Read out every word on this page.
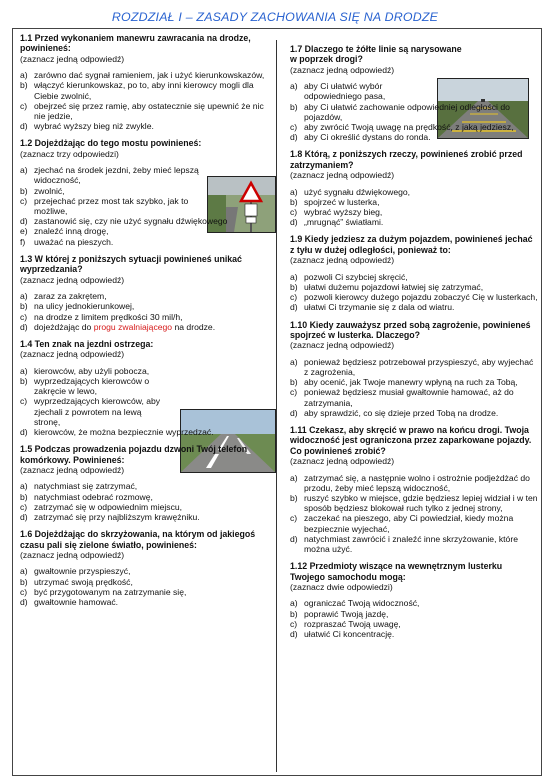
ROZDZIAŁ I – ZASADY ZACHOWANIA SIĘ NA DRODZE
1.1 Przed wykonaniem manewru zawracania na drodze, powinieneś:
(zaznacz jedną odpowiedź)
a) zarówno dać sygnał ramieniem, jak i użyć kierunkowskazów,
b) włączyć kierunkowskaz, po to, aby inni kierowcy mogli dla Ciebie zwolnić,
c) obejrzeć się przez ramię, aby ostatecznie się upewnić że nic nie jedzie,
d) wybrać wyższy bieg niż zwykle.
1.2 Dojeżdżając do tego mostu powinieneś:
(zaznacz trzy odpowiedzi)
a) zjechać na środek jezdni, żeby mieć lepszą widoczność,
b) zwolnić,
c) przejechać przez most tak szybko, jak to możliwe,
d) zastanowić się, czy nie użyć sygnału dźwiękowego
e) znaleźć inną drogę,
f)	uważać na pieszych.
1.3 W której z poniższych sytuacji powinieneś unikać wyprzedzania?
(zaznacz jedną odpowiedź)
a) zaraz za zakrętem,
b) na ulicy jednokierunkowej,
c) na drodze z limitem prędkości 30 mil/h,
d) dojeżdżając do progu zwalniającego na drodze.
1.4 Ten znak na jezdni ostrzega:
(zaznacz jedną odpowiedź)
a) kierowców, aby użyli pobocza,
b) wyprzedzających kierowców o zakręcie w lewo,
c) wyprzedzających kierowców, aby zjechali z powrotem na lewą stronę,
d) kierowców, że można bezpiecznie wyprzedzać.
1.5 Podczas prowadzenia pojazdu dzwoni Twój telefon komórkowy. Powinieneś:
(zaznacz jedną odpowiedź)
a) natychmiast się zatrzymać,
b) natychmiast odebrać rozmowę,
c) zatrzymać się w odpowiednim miejscu,
d) zatrzymać się przy najbliższym krawężniku.
1.6 Dojeżdżając do skrzyżowania, na którym od jakiegoś czasu pali się zielone światło, powinieneś:
(zaznacz jedną odpowiedź)
a) gwałtownie przyspieszyć,
b) utrzymać swoją prędkość,
c) być przygotowanym na zatrzymanie się,
d) gwałtownie hamować.
1.7 Dlaczego te żółte linie są narysowane w poprzek drogi?
(zaznacz jedną odpowiedź)
a) aby Ci ułatwić wybór odpowiedniego pasa,
b) aby Ci ułatwić zachowanie odpowiedniej odległości do pojazdów,
c) aby zwrócić Twoją uwagę na prędkość, z jaką jedziesz,
d) aby Ci określić dystans do ronda.
1.8 Którą, z poniższych rzeczy, powinieneś zrobić przed zatrzymaniem?
(zaznacz jedną odpowiedź)
a) użyć sygnału dźwiękowego,
b) spojrzeć w lusterka,
c) wybrać wyższy bieg,
d) „mrugnąć” światłami.
1.9 Kiedy jedziesz za dużym pojazdem, powinieneś jechać z tyłu w dużej odległości, ponieważ to:
(zaznacz jedną odpowiedź)
a) pozwoli Ci szybciej skręcić,
b) ułatwi dużemu pojazdowi łatwiej się zatrzymać,
c) pozwoli kierowcy dużego pojazdu zobaczyć Cię w lusterkach,
d) ułatwi Ci trzymanie się z dala od wiatru.
1.10 Kiedy zauważysz przed sobą zagrożenie, powinieneś spojrzeć w lusterka. Dlaczego?
(zaznacz jedną odpowiedź)
a) ponieważ będziesz potrzebował przyspieszyć, aby wyjechać z zagrożenia,
b) aby ocenić, jak Twoje manewry wpłyną na ruch za Tobą,
c) ponieważ będziesz musiał gwałtownie hamować, aż do zatrzymania,
d) aby sprawdzić, co się dzieje przed Tobą na drodze.
1.11 Czekasz, aby skręcić w prawo na końcu drogi. Twoja widoczność jest ograniczona przez zaparkowane pojazdy. Co powinieneś zrobić?
(zaznacz jedną odpowiedź)
a) zatrzymać się, a następnie wolno i ostrożnie podjeżdżać do przodu, żeby mieć lepszą widoczność,
b) ruszyć szybko w miejsce, gdzie będziesz lepiej widział i w ten sposób będziesz blokował ruch tylko z jednej strony,
c) zaczekać na pieszego, aby Ci powiedział, kiedy można bezpiecznie wyjechać,
d) natychmiast zawrócić i znaleźć inne skrzyżowanie, które można użyć.
1.12 Przedmioty wiszące na wewnętrznym lusterku Twojego samochodu mogą:
(zaznacz dwie odpowiedzi)
a) ograniczać Twoją widoczność,
b) poprawić Twoją jazdę,
c) rozpraszać Twoją uwagę,
d) ułatwić Ci koncentrację.
